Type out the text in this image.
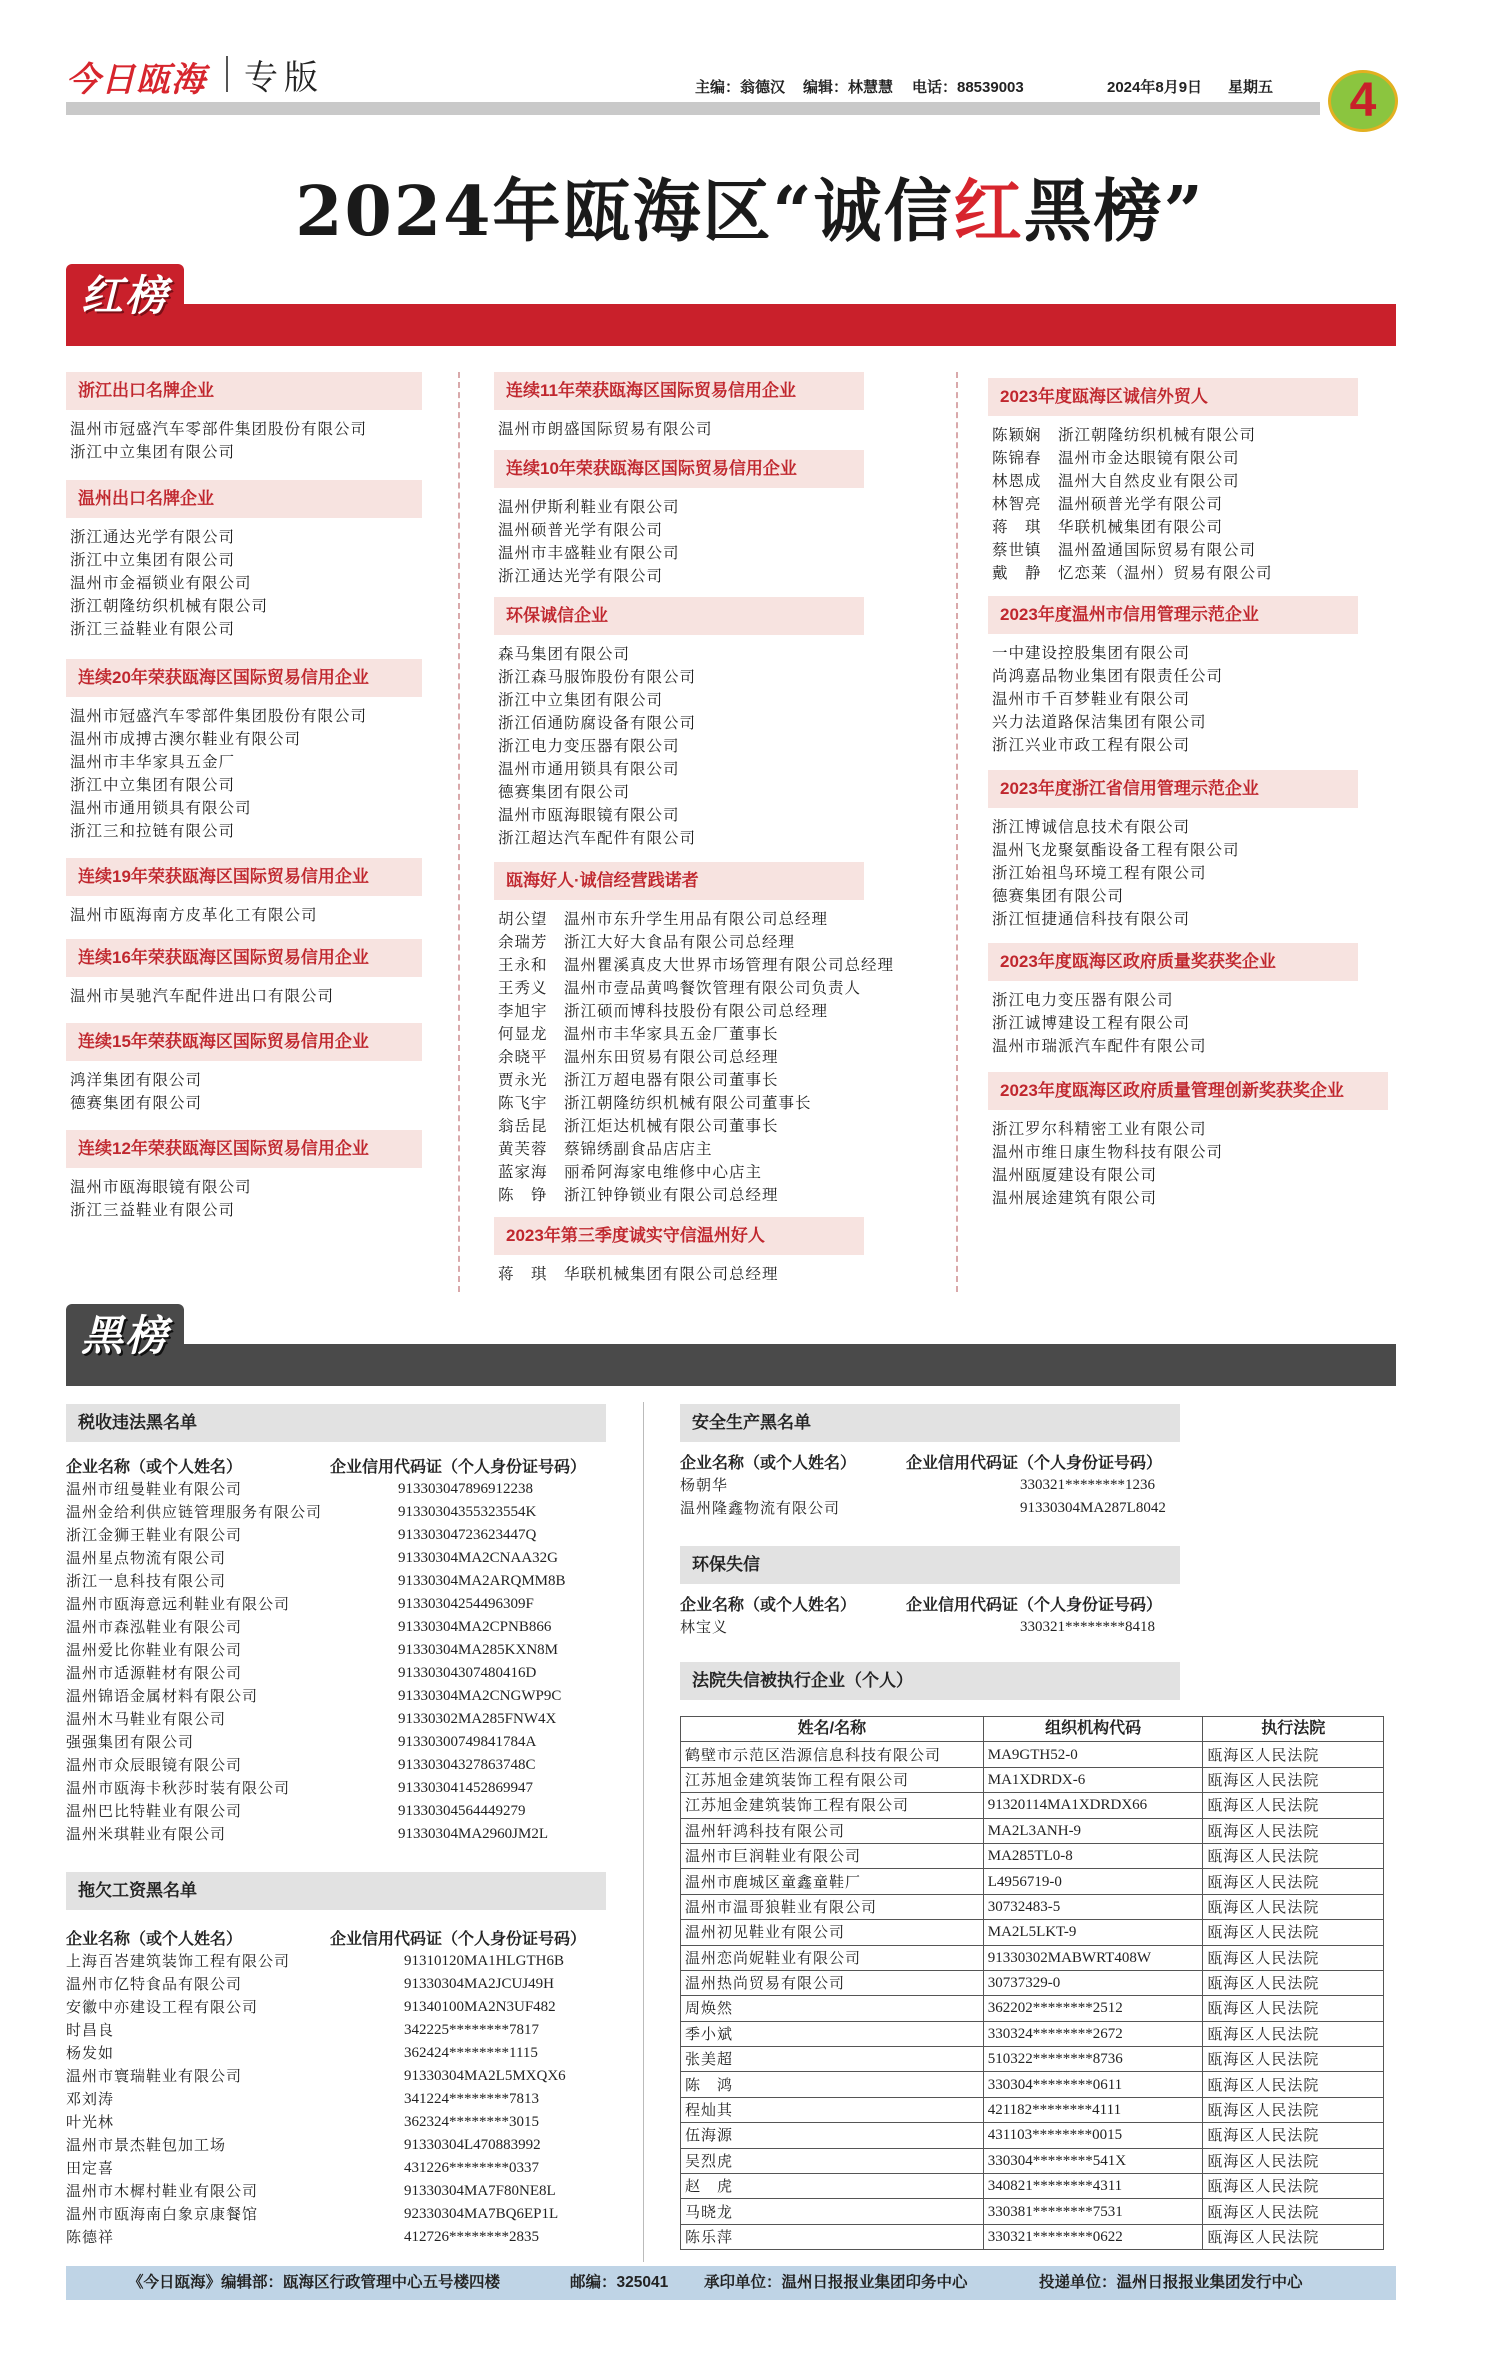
今日瓯海 专版	主编：翁德汉 编辑：林慧慧 电话：88539003	2024年8月9日 星期五	4
2024年瓯海区“诚信红黑榜”
红榜
浙江出口名牌企业
温州市冠盛汽车零部件集团股份有限公司
浙江中立集团有限公司
温州出口名牌企业
浙江通达光学有限公司
浙江中立集团有限公司
温州市金福锁业有限公司
浙江朝隆纺织机械有限公司
浙江三益鞋业有限公司
连续20年荣获瓯海区国际贸易信用企业
温州市冠盛汽车零部件集团股份有限公司
温州市成搏古澳尔鞋业有限公司
温州市丰华家具五金厂
浙江中立集团有限公司
温州市通用锁具有限公司
浙江三和拉链有限公司
连续19年荣获瓯海区国际贸易信用企业
温州市瓯海南方皮革化工有限公司
连续16年荣获瓯海区国际贸易信用企业
温州市昊驰汽车配件进出口有限公司
连续15年荣获瓯海区国际贸易信用企业
鸿洋集团有限公司
德赛集团有限公司
连续12年荣获瓯海区国际贸易信用企业
温州市瓯海眼镜有限公司
浙江三益鞋业有限公司
连续11年荣获瓯海区国际贸易信用企业
温州市朗盛国际贸易有限公司
连续10年荣获瓯海区国际贸易信用企业
温州伊斯利鞋业有限公司
温州硕普光学有限公司
温州市丰盛鞋业有限公司
浙江通达光学有限公司
环保诚信企业
森马集团有限公司
浙江森马服饰股份有限公司
浙江中立集团有限公司
浙江佰通防腐设备有限公司
浙江电力变压器有限公司
温州市通用锁具有限公司
德赛集团有限公司
温州市瓯海眼镜有限公司
浙江超达汽车配件有限公司
瓯海好人·诚信经营践诺者
胡公望　温州市东升学生用品有限公司总经理
余瑞芳　浙江大好大食品有限公司总经理
王永和　温州瞿溪真皮大世界市场管理有限公司总经理
王秀义　温州市壹品黄鸣餐饮管理有限公司负责人
李旭宇　浙江硕而博科技股份有限公司总经理
何显龙　温州市丰华家具五金厂董事长
余晓平　温州东田贸易有限公司总经理
贾永光　浙江万超电器有限公司董事长
陈飞宇　浙江朝隆纺织机械有限公司董事长
翁岳昆　浙江炬达机械有限公司董事长
黄芙蓉　蔡锦绣副食品店店主
蓝家海　丽希阿海家电维修中心店主
陈　铮　浙江钟铮锁业有限公司总经理
2023年第三季度诚实守信温州好人
蒋　琪　华联机械集团有限公司总经理
2023年度瓯海区诚信外贸人
陈颖娴　浙江朝隆纺织机械有限公司
陈锦春　温州市金达眼镜有限公司
林恩成　温州大自然皮业有限公司
林智亮　温州硕普光学有限公司
蒋　琪　华联机械集团有限公司
蔡世镇　温州盈通国际贸易有限公司
戴　静　忆恋莱（温州）贸易有限公司
2023年度温州市信用管理示范企业
一中建设控股集团有限公司
尚鸿嘉品物业集团有限责任公司
温州市千百梦鞋业有限公司
兴力法道路保洁集团有限公司
浙江兴业市政工程有限公司
2023年度浙江省信用管理示范企业
浙江博诚信息技术有限公司
温州飞龙聚氨酯设备工程有限公司
浙江始祖鸟环境工程有限公司
德赛集团有限公司
浙江恒捷通信科技有限公司
2023年度瓯海区政府质量奖获奖企业
浙江电力变压器有限公司
浙江诚博建设工程有限公司
温州市瑞派汽车配件有限公司
2023年度瓯海区政府质量管理创新奖获奖企业
浙江罗尔科精密工业有限公司
温州市维日康生物科技有限公司
温州瓯厦建设有限公司
温州展途建筑有限公司
黑榜
税收违法黑名单
企业名称（或个人姓名）	企业信用代码证（个人身份证号码）
温州市纽曼鞋业有限公司	91330304789691223​8
温州金给利供应链管理服务有限公司	91330304355323554K
浙江金狮王鞋业有限公司	91330304723623447Q
温州星点物流有限公司	91330304MA2CNAA32G
浙江一息科技有限公司	91330304MA2ARQMM8B
温州市瓯海意远利鞋业有限公司	91330304254496309F
温州市森泓鞋业有限公司	91330304MA2CPNB866
温州爱比你鞋业有限公司	91330304MA285KXN8M
温州市适源鞋材有限公司	91330304307480416D
温州锦语金属材料有限公司	91330304MA2CNGWP9C
温州木马鞋业有限公司	91330302MA285FNW4X
强强集团有限公司	91330300749841784A
温州市众辰眼镜有限公司	91330304327863748C
温州市瓯海卡秋莎时装有限公司	91330304145286994​7
温州巴比特鞋业有限公司	91330304564449279
温州米琪鞋业有限公司	91330304MA2960JM2L
拖欠工资黑名单
企业名称（或个人姓名）	企业信用代码证（个人身份证号码）
上海百峇建筑装饰工程有限公司	91310120MA1HLGTH6B
温州市亿特食品有限公司	91330304MA2JCUJ49H
安徽中亦建设工程有限公司	91340100MA2N3UF482
时昌良	342225********7817
杨发如	362424********1115
温州市寰瑞鞋业有限公司	91330304MA2L5MXQX6
邓刘涛	341224********7813
叶光林	362324********3015
温州市景杰鞋包加工场	91330304L470883992
田定喜	431226********0337
温州市木樨村鞋业有限公司	91330304MA7F80NE8L
温州市瓯海南白象京康餐馆	92330304MA7BQ6EP1L
陈德祥	412726********2835
安全生产黑名单
企业名称（或个人姓名）	企业信用代码证（个人身份证号码）
杨朝华	330321********1236
温州隆鑫物流有限公司	91330304MA287L8042
环保失信
企业名称（或个人姓名）	企业信用代码证（个人身份证号码）
林宝义	330321********8418
法院失信被执行企业（个人）
姓名/名称	组织机构代码	执行法院
鹤壁市示范区浩源信息科技有限公司	MA9GTH52-0	瓯海区人民法院
江苏旭金建筑装饰工程有限公司	MA1XDRDX-6	瓯海区人民法院
江苏旭金建筑装饰工程有限公司	91320114MA1XDRDX66	瓯海区人民法院
温州轩鸿科技有限公司	MA2L3ANH-9	瓯海区人民法院
温州市巨润鞋业有限公司	MA285TL0-8	瓯海区人民法院
温州市鹿城区童鑫童鞋厂	L4956719-0	瓯海区人民法院
温州市温哥狼鞋业有限公司	30732483-5	瓯海区人民法院
温州初见鞋业有限公司	MA2L5LKT-9	瓯海区人民法院
温州恋尚妮鞋业有限公司	91330302MABWRT408W	瓯海区人民法院
温州热尚贸易有限公司	30737329-0	瓯海区人民法院
周焕然	362202********2512	瓯海区人民法院
季小斌	330324********2672	瓯海区人民法院
张美超	510322********8736	瓯海区人民法院
陈　鸿	330304********0611	瓯海区人民法院
程灿其	421182********4111	瓯海区人民法院
伍海源	431103********0015	瓯海区人民法院
吴烈虎	330304********541X	瓯海区人民法院
赵　虎	340821********4311	瓯海区人民法院
马晓龙	330381********7531	瓯海区人民法院
陈乐萍	330321********0622	瓯海区人民法院
《今日瓯海》编辑部：瓯海区行政管理中心五号楼四楼	邮编：325041 承印单位：温州日报报业集团印务中心	投递单位：温州日报报业集团发行中心
